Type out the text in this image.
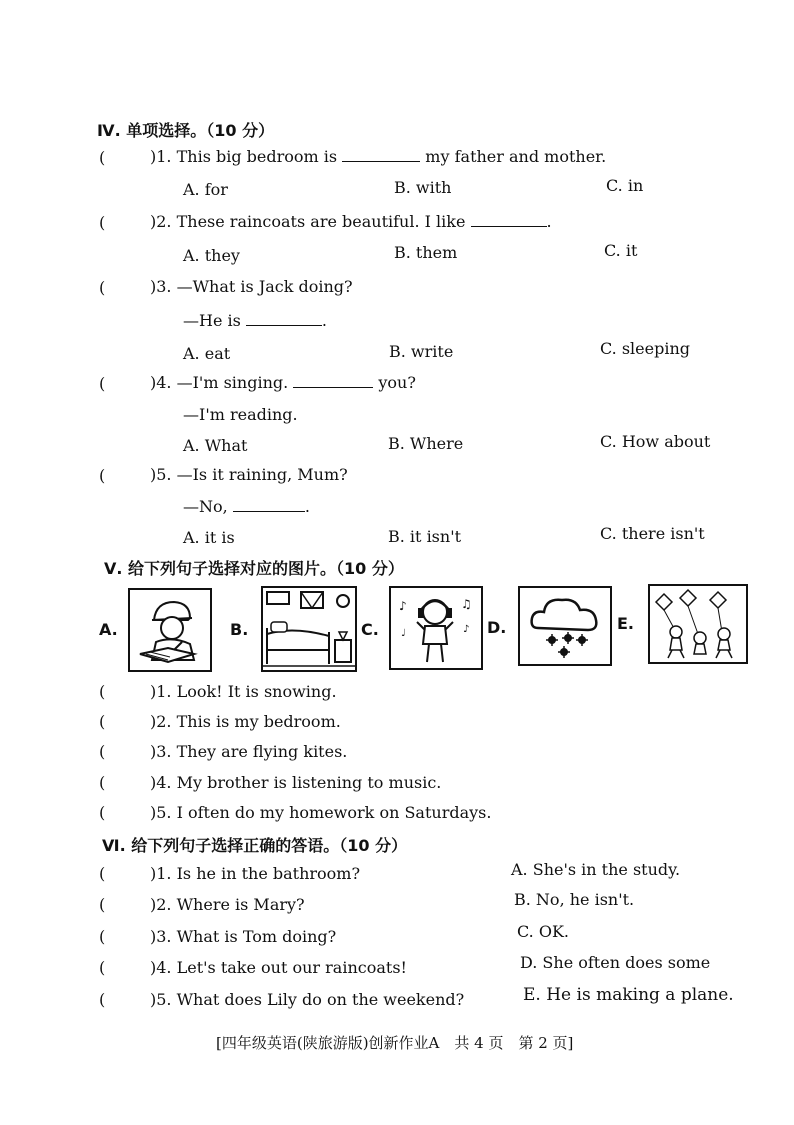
Ⅳ. 单项选择。（10 分）
(	)1. This big bedroom is	my father and mother.
A. for	B. with	C. in
(	)2. These raincoats are beautiful. I like	.
A. they	B. them	C. it
(	)3. —What is Jack doing?
—He is	.
A. eat	B. write	C. sleeping
(	)4. —I'm singing.	you?
—I'm reading.
A. What	B. Where	C. How about
(	)5. —Is it raining, Mum?
—No,	.
A. it is	B. it isn't	C. there isn't
Ⅴ. 给下列句子选择对应的图片。（10 分）
A.	B.	C.
♪	♫
♪
♩	D.	E.
(	)1. Look! It is snowing.
(	)2. This is my bedroom.
(	)3. They are flying kites.
(	)4. My brother is listening to music.
(	)5. I often do my homework on Saturdays.
Ⅵ. 给下列句子选择正确的答语。（10 分）
(	)1. Is he in the bathroom?	A. She's in the study.
(	)2. Where is Mary?	B. No, he isn't.
(	)3. What is Tom doing?	C. OK.
(	)4. Let's take out our raincoats!	D. She often does some
(	)5. What does Lily do on the weekend?	E. He is making a plane.
[四年级英语(陕旅游版)创新作业A　共 4 页　第 2 页]
